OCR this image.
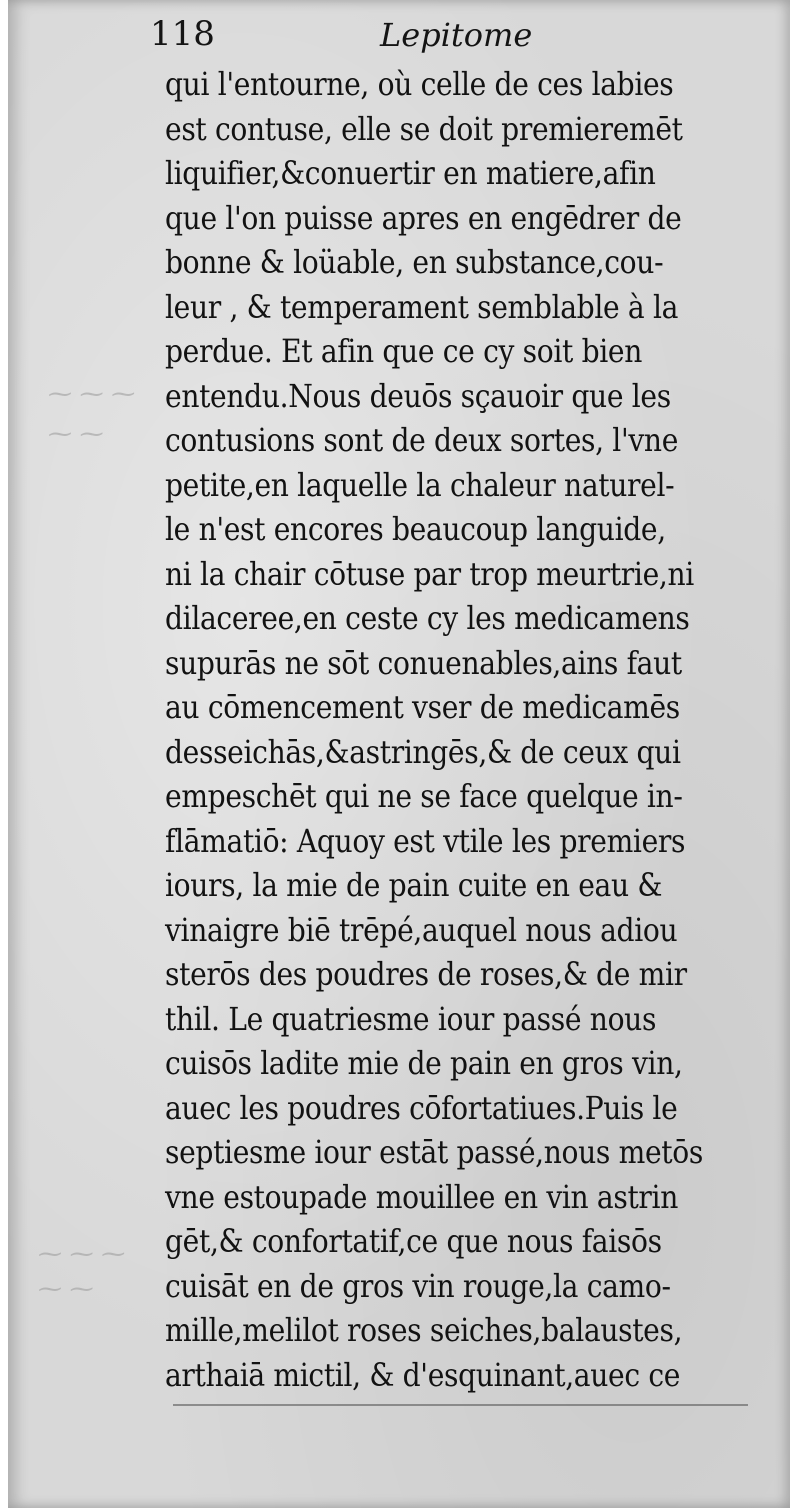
118	Lepitome
⁓ ⁓ ⁓
⁓ ⁓
⁓ ⁓ ⁓
⁓ ⁓
qui l'entourne, où celle de ces labies
est contuse, elle se doit premieremēt
liquifier,&conuertir en matiere,afin
que l'on puisse apres en engēdrer de
bonne & loüable, en substance,cou-
leur , & temperament semblable à la
perdue. Et afin que ce cy soit bien
entendu.Nous deuōs sçauoir que les
contusions sont de deux sortes, l'vne
petite,en laquelle la chaleur naturel-
le n'est encores beaucoup languide,
ni la chair cōtuse par trop meurtrie,ni
dilaceree,en ceste cy les medicamens
supurās ne sōt conuenables,ains faut
au cōmencement vser de medicamēs
desseichās,&astringēs,& de ceux qui
empeschēt qui ne se face quelque in-
flāmatiō: Aquoy est vtile les premiers
iours, la mie de pain cuite en eau &
vinaigre biē trēpé,auquel nous adiou
sterōs des poudres de roses,& de mir
thil. Le quatriesme iour passé nous
cuisōs ladite mie de pain en gros vin,
auec les poudres cōfortatiues.Puis le
septiesme iour estāt passé,nous metōs
vne estoupade mouillee en vin astrin
gēt,& confortatif,ce que nous faisōs
cuisāt en de gros vin rouge,la camo-
mille,melilot roses seiches,balaustes,
arthaiā mictil, & d'esquinant,auec ce
